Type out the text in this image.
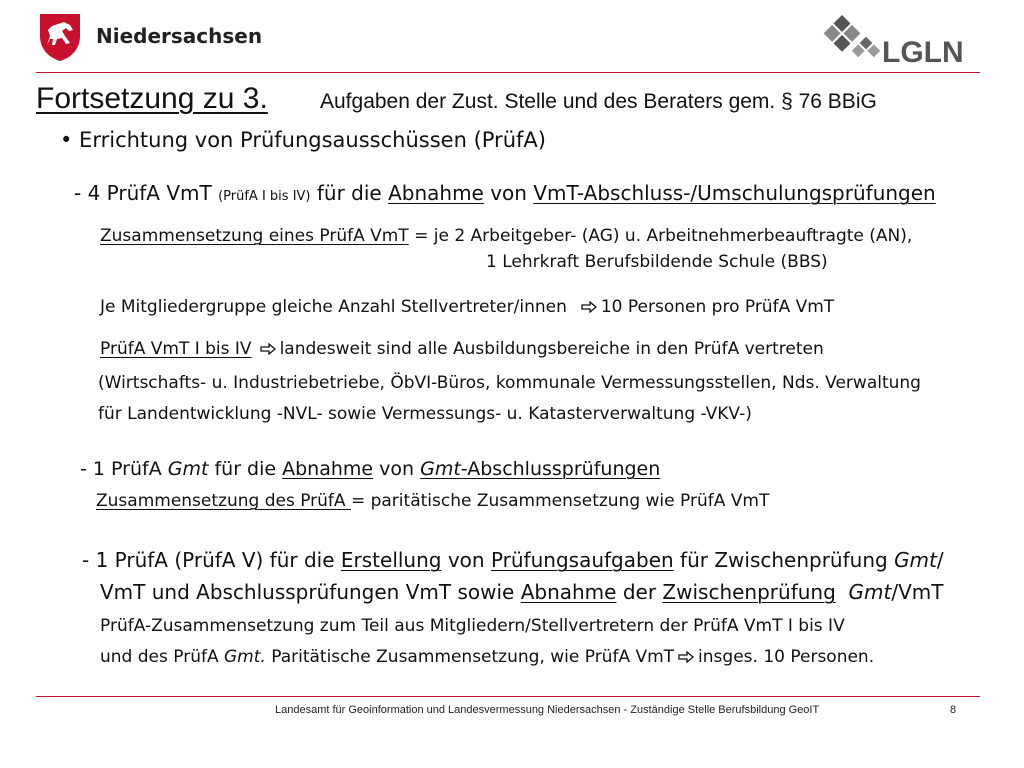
Niedersachsen	LGLN
Fortsetzung zu 3. Aufgaben der Zust. Stelle und des Beraters gem. § 76 BBiG
• Errichtung von Prüfungsausschüssen (PrüfA)
- 4 PrüfA VmT (PrüfA I bis IV) für die Abnahme von VmT-Abschluss-/Umschulungsprüfungen
Zusammensetzung eines PrüfA VmT = je 2 Arbeitgeber- (AG) u. Arbeitnehmerbeauftragte (AN),
1 Lehrkraft Berufsbildende Schule (BBS)
Je Mitgliedergruppe gleiche Anzahl Stellvertreter/innen 10 Personen pro PrüfA VmT
PrüfA VmT I bis IV landesweit sind alle Ausbildungsbereiche in den PrüfA vertreten
(Wirtschafts- u. Industriebetriebe, ÖbVI-Büros, kommunale Vermessungsstellen, Nds. Verwaltung
für Landentwicklung -NVL- sowie Vermessungs- u. Katasterverwaltung -VKV-)
- 1 PrüfA Gmt für die Abnahme von Gmt-Abschlussprüfungen
Zusammensetzung des PrüfA = paritätische Zusammensetzung wie PrüfA VmT
- 1 PrüfA (PrüfA V) für die Erstellung von Prüfungsaufgaben für Zwischenprüfung Gmt/
VmT und Abschlussprüfungen VmT sowie Abnahme der Zwischenprüfung Gmt/VmT
PrüfA-Zusammensetzung zum Teil aus Mitgliedern/Stellvertretern der PrüfA VmT I bis IV
und des PrüfA Gmt. Paritätische Zusammensetzung, wie PrüfA VmT insges. 10 Personen.
Landesamt für Geoinformation und Landesvermessung Niedersachsen - Zuständige Stelle Berufsbildung GeoIT	8
